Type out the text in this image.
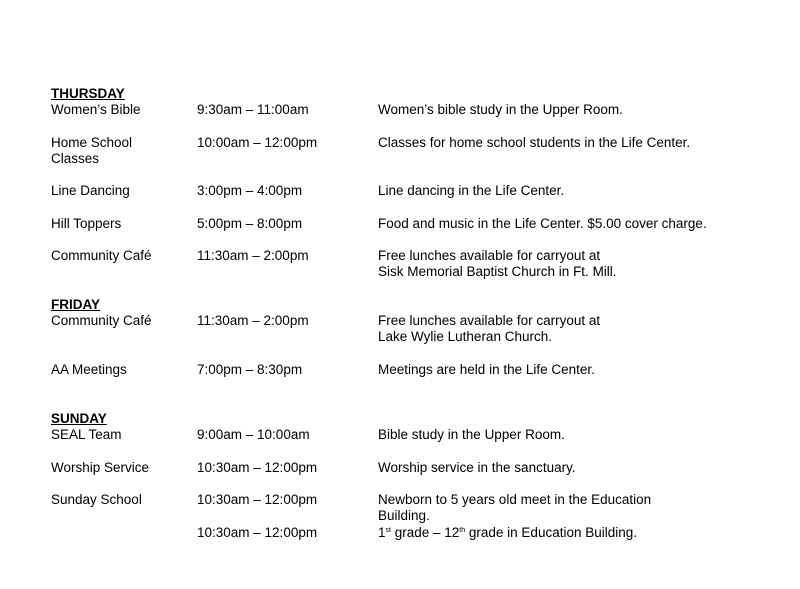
THURSDAY
Women’s Bible	9:30am – 11:00am	Women’s bible study in the Upper Room.
Home School
Classes
10:00am – 12:00pm	Classes for home school students in the Life Center.
Line Dancing	3:00pm – 4:00pm	Line dancing in the Life Center.
Hill Toppers	5:00pm – 8:00pm	Food and music in the Life Center. $5.00 cover charge.
Community Café	11:30am – 2:00pm	Free lunches available for carryout at
Sisk Memorial Baptist Church in Ft. Mill.
FRIDAY
Community Café	11:30am – 2:00pm	Free lunches available for carryout at
Lake Wylie Lutheran Church.
AA Meetings	7:00pm – 8:30pm	Meetings are held in the Life Center.
SUNDAY
SEAL Team	9:00am – 10:00am	Bible study in the Upper Room.
Worship Service	10:30am – 12:00pm	Worship service in the sanctuary.
Sunday School	10:30am – 12:00pm	Newborn to 5 years old meet in the Education
Building.
10:30am – 12:00pm	1st grade – 12th grade in Education Building.
